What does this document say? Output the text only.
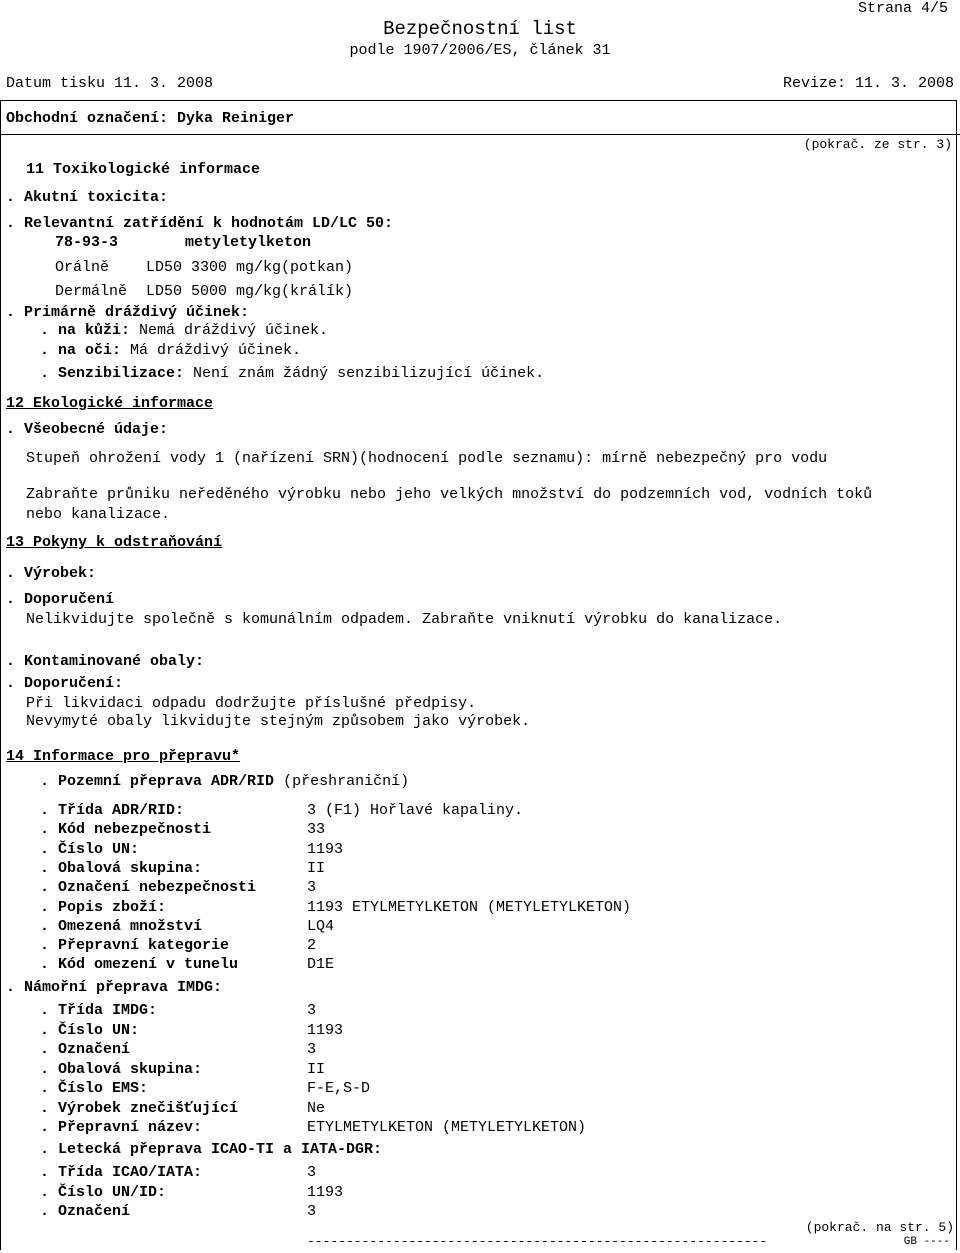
Strana 4/5
Bezpečnostní list
podle 1907/2006/ES, článek 31
Datum tisku 11. 3. 2008	Revize: 11. 3. 2008
Obchodní označení: Dyka Reiniger
(pokrač. ze str. 3)
11 Toxikologické informace
. Akutní toxicita:
. Relevantní zatřídění k hodnotám LD/LC 50:
78-93-3	metyletylketon
Orálně LD50 3300 mg/kg(potkan)
Dermálně LD50 5000 mg/kg(králík)
. Primárně dráždivý účinek:
. na kůži: Nemá dráždivý účinek.
. na oči: Má dráždivý účinek.
. Senzibilizace: Není znám žádný senzibilizující účinek.
12 Ekologické informace
. Všeobecné údaje:
Stupeň ohrožení vody 1 (nařízení SRN)(hodnocení podle seznamu): mírně nebezpečný pro vodu
Zabraňte průniku neředěného výrobku nebo jeho velkých množství do podzemních vod, vodních toků
nebo kanalizace.
13 Pokyny k odstraňování
. Výrobek:
. Doporučení
Nelikvidujte společně s komunálním odpadem. Zabraňte vniknutí výrobku do kanalizace.
. Kontaminované obaly:
. Doporučení:
Při likvidaci odpadu dodržujte příslušné předpisy.
Nevymyté obaly likvidujte stejným způsobem jako výrobek.
14 Informace pro přepravu*
. Pozemní přeprava ADR/RID (přeshraniční)
. Třída ADR/RID:	3 (F1) Hořlavé kapaliny.
. Kód nebezpečnosti	33
. Číslo UN:	1193
. Obalová skupina:	II
. Označení nebezpečnosti	3
. Popis zboží:	1193 ETYLMETYLKETON (METYLETYLKETON)
. Omezená množství	LQ4
. Přepravní kategorie	2
. Kód omezení v tunelu	D1E
. Námořní přeprava IMDG:
. Třída IMDG:	3
. Číslo UN:	1193
. Označení	3
. Obalová skupina:	II
. Číslo EMS:	F-E,S-D
. Výrobek znečišťující	Ne
. Přepravní název:	ETYLMETYLKETON (METYLETYLKETON)
. Letecká přeprava ICAO-TI a IATA-DGR:
. Třída ICAO/IATA:	3
. Číslo UN/ID:	1193
. Označení	3
(pokrač. na str. 5)
-----------------------------------------------------------	GB ----
